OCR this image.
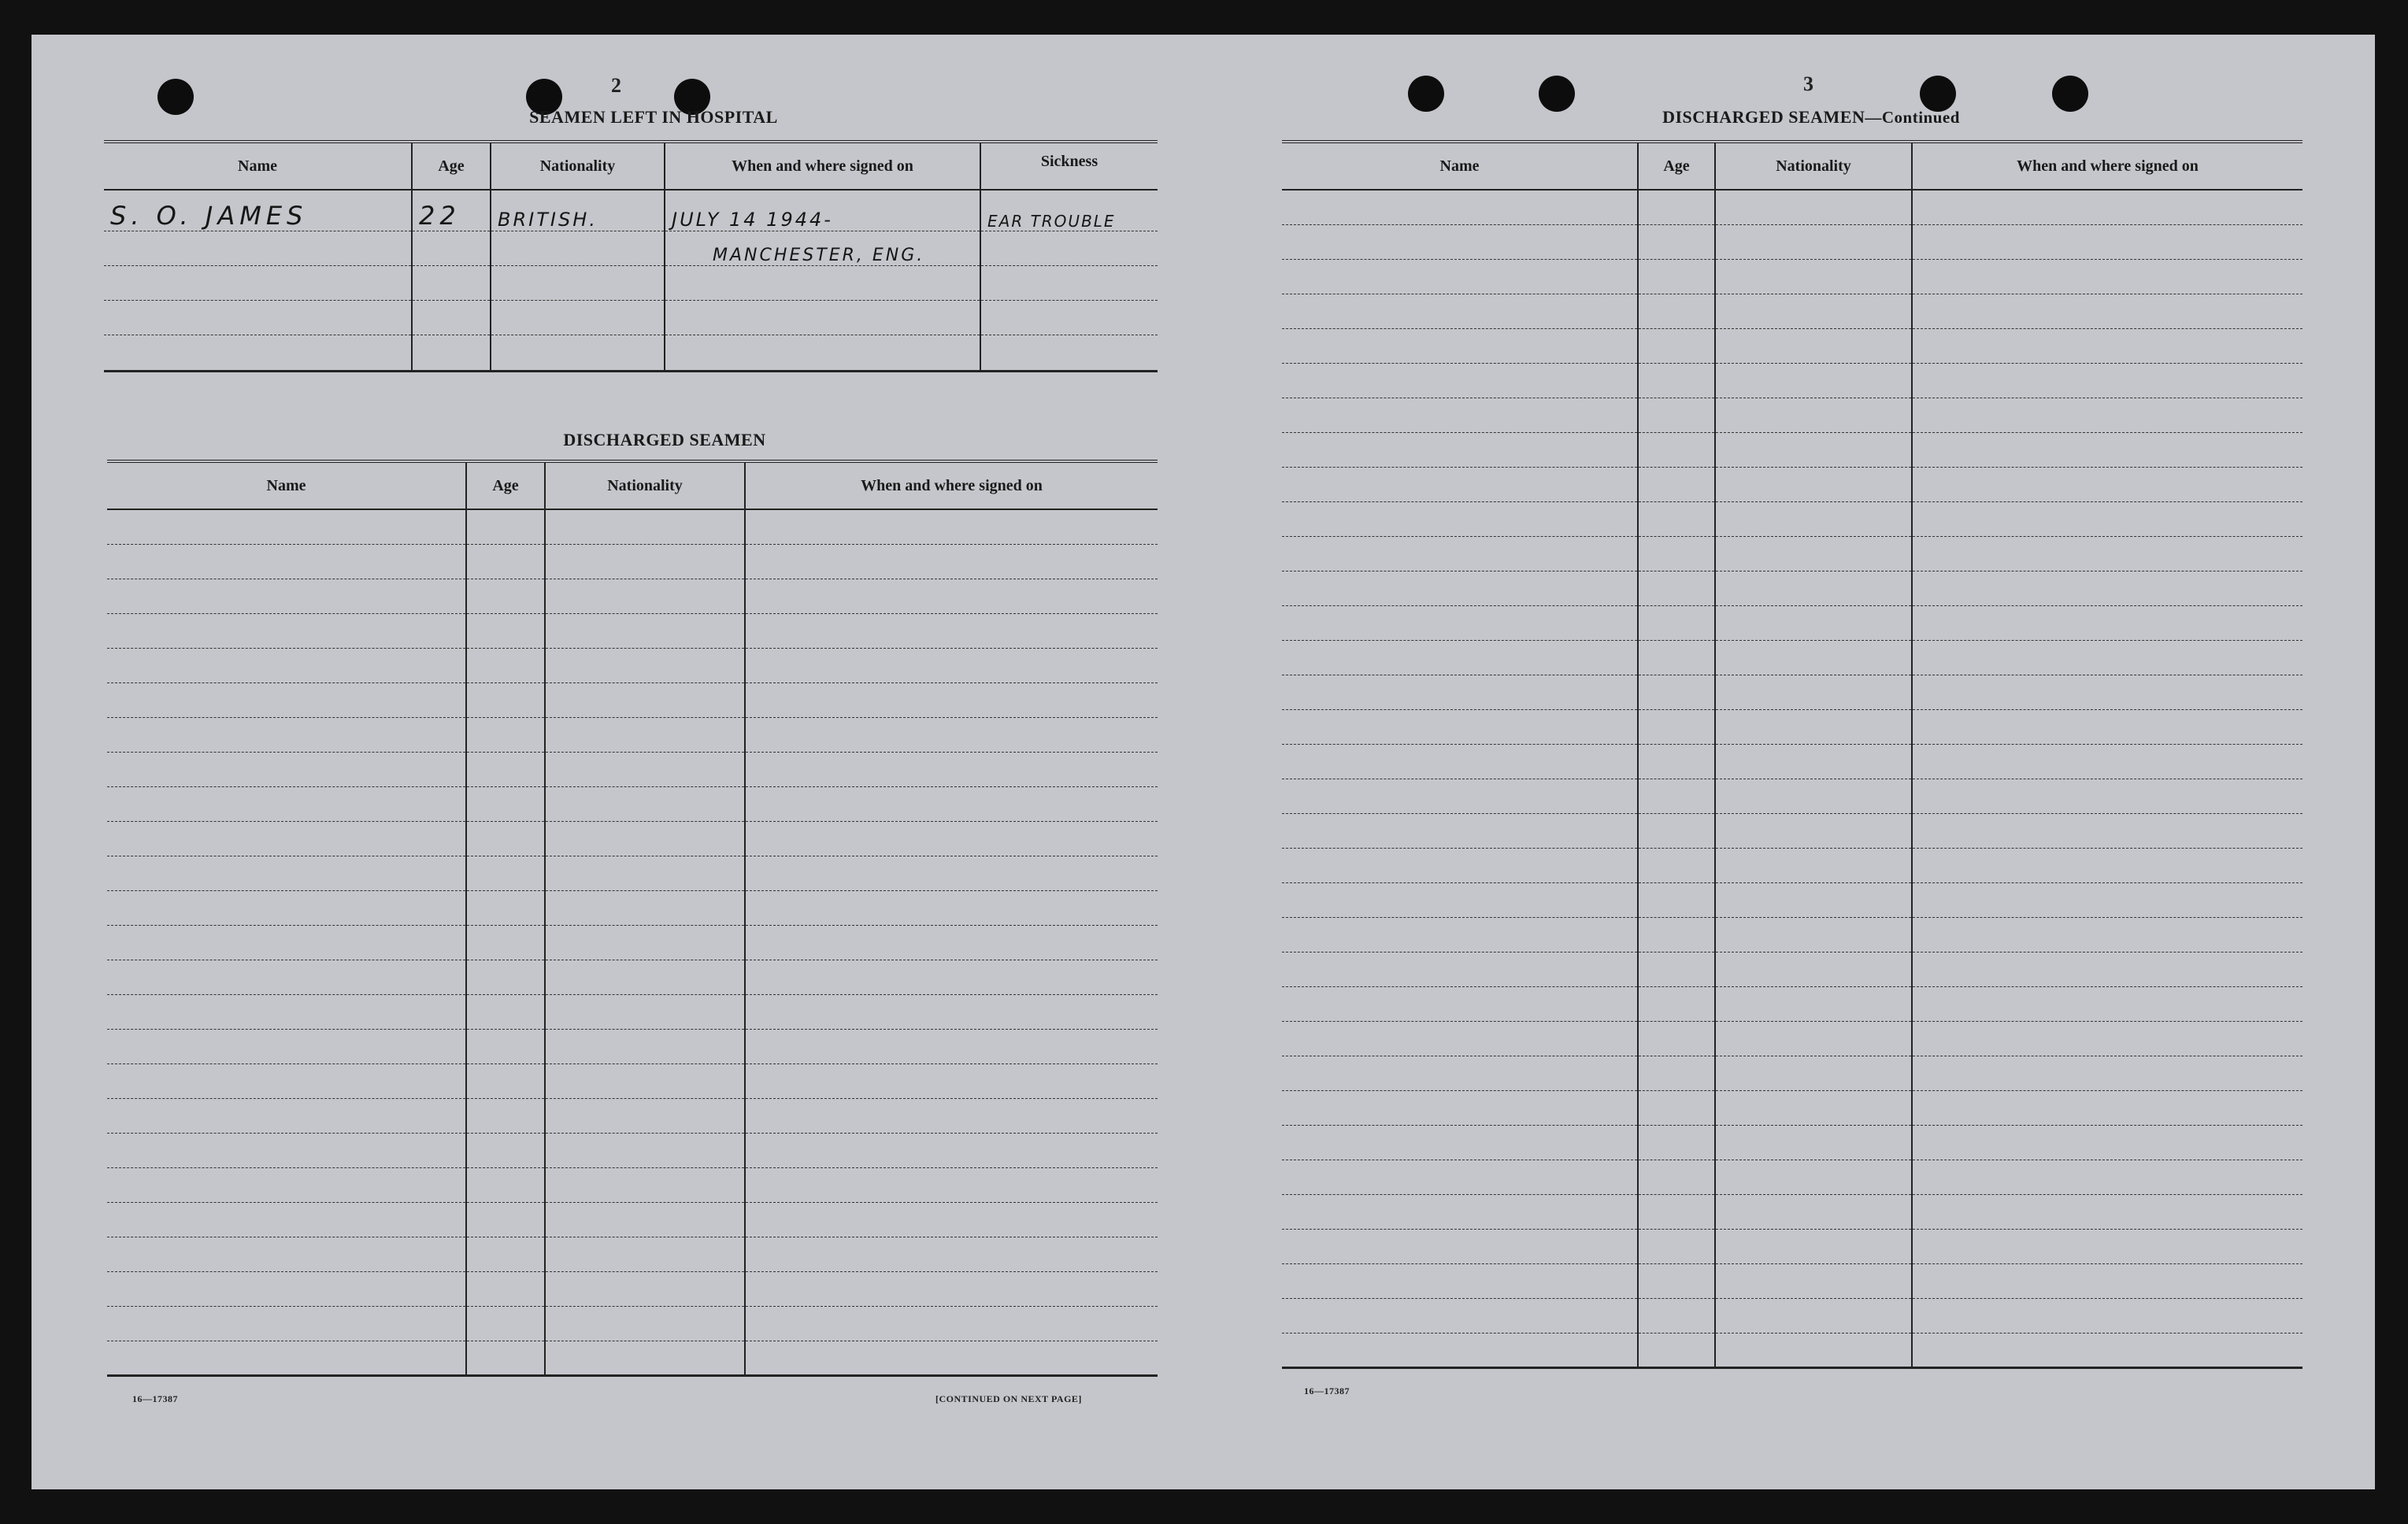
2
SEAMEN LEFT IN HOSPITAL
Name	Age	Nationality	When and where signed on	Sickness
S. O. JAMES	22	BRITISH.	JULY 14 1944-	EAR TROUBLE
			MANCHESTER, ENG.	

DISCHARGED SEAMEN
Name	Age	Nationality	When and where signed on

16—17387	[CONTINUED ON NEXT PAGE]
3
DISCHARGED SEAMEN—Continued
Name	Age	Nationality	When and where signed on

16—17387
